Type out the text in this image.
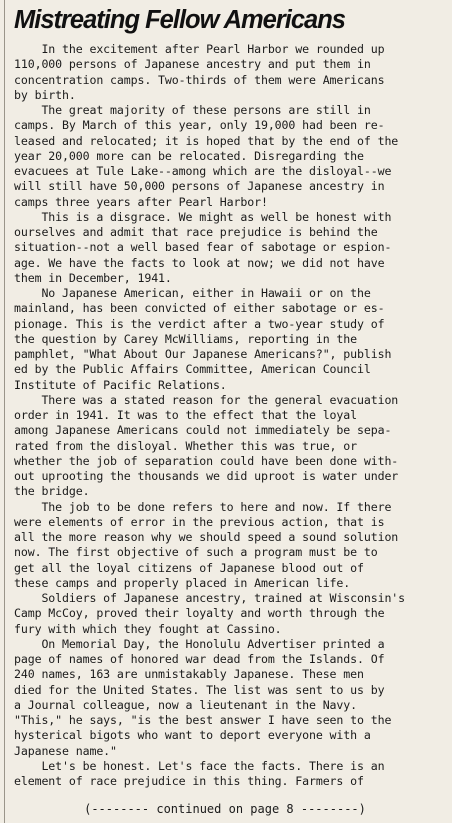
Mistreating Fellow Americans
In the excitement after Pearl Harbor we rounded up
110,000 persons of Japanese ancestry and put them in
concentration camps. Two-thirds of them were Americans
by birth.
The great majority of these persons are still in
camps. By March of this year, only 19,000 had been re-
leased and relocated; it is hoped that by the end of the
year 20,000 more can be relocated. Disregarding the
evacuees at Tule Lake--among which are the disloyal--we
will still have 50,000 persons of Japanese ancestry in
camps three years after Pearl Harbor!
This is a disgrace. We might as well be honest with
ourselves and admit that race prejudice is behind the
situation--not a well based fear of sabotage or espion-
age. We have the facts to look at now; we did not have
them in December, 1941.
No Japanese American, either in Hawaii or on the
mainland, has been convicted of either sabotage or es-
pionage. This is the verdict after a two-year study of
the question by Carey McWilliams, reporting in the
pamphlet, "What About Our Japanese Americans?", publish
ed by the Public Affairs Committee, American Council
Institute of Pacific Relations.
There was a stated reason for the general evacuation
order in 1941. It was to the effect that the loyal
among Japanese Americans could not immediately be sepa-
rated from the disloyal. Whether this was true, or
whether the job of separation could have been done with-
out uprooting the thousands we did uproot is water under
the bridge.
The job to be done refers to here and now. If there
were elements of error in the previous action, that is
all the more reason why we should speed a sound solution
now. The first objective of such a program must be to
get all the loyal citizens of Japanese blood out of
these camps and properly placed in American life.
Soldiers of Japanese ancestry, trained at Wisconsin's
Camp McCoy, proved their loyalty and worth through the
fury with which they fought at Cassino.
On Memorial Day, the Honolulu Advertiser printed a
page of names of honored war dead from the Islands. Of
240 names, 163 are unmistakably Japanese. These men
died for the United States. The list was sent to us by
a Journal colleague, now a lieutenant in the Navy.
"This," he says, "is the best answer I have seen to the
hysterical bigots who want to deport everyone with a
Japanese name."
Let's be honest. Let's face the facts. There is an
element of race prejudice in this thing. Farmers of
(-------- continued on page 8 --------)
